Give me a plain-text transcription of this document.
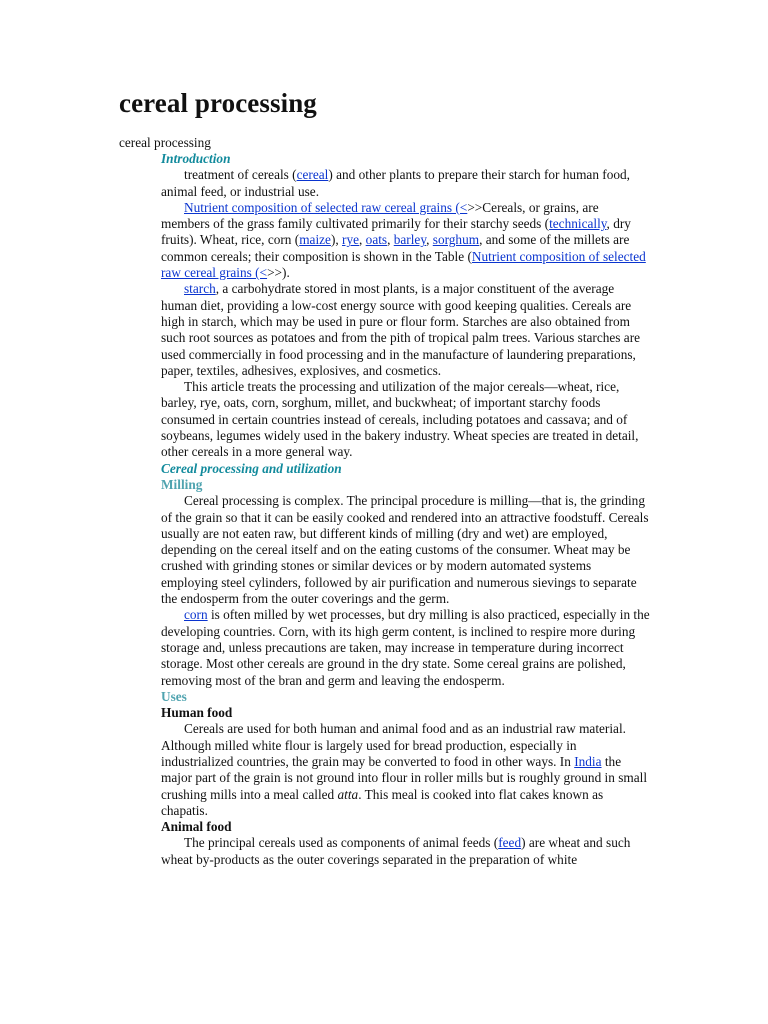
cereal processing
cereal processing
Introduction

treatment of cereals (cereal) and other plants to prepare their starch for human food, animal feed, or industrial use.

Nutrient composition of selected raw cereal grains (<>>Cereals, or grains, are members of the grass family cultivated primarily for their starchy seeds (technically, dry fruits). Wheat, rice, corn (maize), rye, oats, barley, sorghum, and some of the millets are common cereals; their composition is shown in the Table (Nutrient composition of selected raw cereal grains (<>>).

starch, a carbohydrate stored in most plants, is a major constituent of the average human diet, providing a low-cost energy source with good keeping qualities. Cereals are high in starch, which may be used in pure or flour form. Starches are also obtained from such root sources as potatoes and from the pith of tropical palm trees. Various starches are used commercially in food processing and in the manufacture of laundering preparations, paper, textiles, adhesives, explosives, and cosmetics.

This article treats the processing and utilization of the major cereals—wheat, rice, barley, rye, oats, corn, sorghum, millet, and buckwheat; of important starchy foods consumed in certain countries instead of cereals, including potatoes and cassava; and of soybeans, legumes widely used in the bakery industry. Wheat species are treated in detail, other cereals in a more general way.

Cereal processing and utilization
Milling

Cereal processing is complex. The principal procedure is milling—that is, the grinding of the grain so that it can be easily cooked and rendered into an attractive foodstuff. Cereals usually are not eaten raw, but different kinds of milling (dry and wet) are employed, depending on the cereal itself and on the eating customs of the consumer. Wheat may be crushed with grinding stones or similar devices or by modern automated systems employing steel cylinders, followed by air purification and numerous sievings to separate the endosperm from the outer coverings and the germ.

corn is often milled by wet processes, but dry milling is also practiced, especially in the developing countries. Corn, with its high germ content, is inclined to respire more during storage and, unless precautions are taken, may increase in temperature during incorrect storage. Most other cereals are ground in the dry state. Some cereal grains are polished, removing most of the bran and germ and leaving the endosperm.

Uses
Human food

Cereals are used for both human and animal food and as an industrial raw material. Although milled white flour is largely used for bread production, especially in industrialized countries, the grain may be converted to food in other ways. In India the major part of the grain is not ground into flour in roller mills but is roughly ground in small crushing mills into a meal called atta. This meal is cooked into flat cakes known as chapatis.

Animal food

The principal cereals used as components of animal feeds (feed) are wheat and such wheat by-products as the outer coverings separated in the preparation of white
